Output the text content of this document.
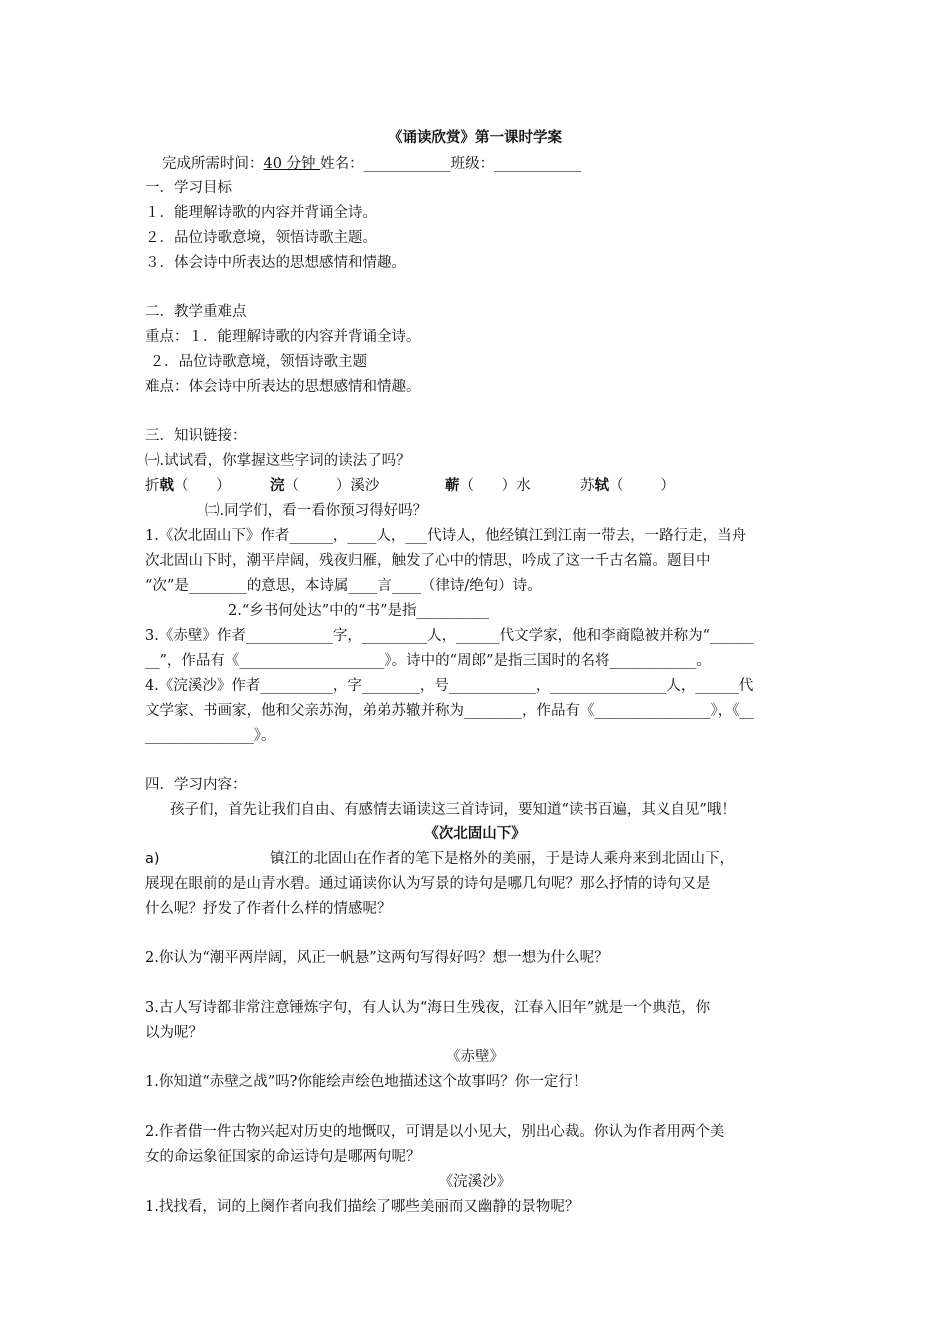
《诵读欣赏》第一课时学案
完成所需时间：40 分钟 姓名：____________班级：____________
一．学习目标
１．能理解诗歌的内容并背诵全诗。
２．品位诗歌意境，领悟诗歌主题。
３．体会诗中所表达的思想感情和情趣。
二．教学重难点
重点：１．能理解诗歌的内容并背诵全诗。
２．品位诗歌意境，领悟诗歌主题
难点：体会诗中所表达的思想感情和情趣。
三．知识链接：
㈠.试试看，你掌握这些字词的读法了吗？
折戟（      ）	浣（        ）溪沙	蕲（      ）水	苏轼（        ）
㈡.同学们，看一看你预习得好吗？
1.《次北固山下》作者______，____人，___代诗人，他经镇江到江南一带去，一路行走，当舟
次北固山下时，潮平岸阔，残夜归雁，触发了心中的情思，吟成了这一千古名篇。题目中
“次”是________的意思，本诗属____言____（律诗/绝句）诗。
2.“乡书何处达”中的“书”是指__________
3.《赤壁》作者____________字，_________人，______代文学家，他和李商隐被并称为“______
__”，作品有《____________________》。诗中的“周郎”是指三国时的名将____________。
4.《浣溪沙》作者__________，字________，号____________，________________人，______代
文学家、书画家，他和父亲苏洵，弟弟苏辙并称为________，作品有《________________》，《__
_______________》。
四．学习内容：
孩子们，首先让我们自由、有感情去诵读这三首诗词，要知道“读书百遍，其义自见”哦！
《次北固山下》
a)	镇江的北固山在作者的笔下是格外的美丽，于是诗人乘舟来到北固山下，
展现在眼前的是山青水碧。通过诵读你认为写景的诗句是哪几句呢？那么抒情的诗句又是
什么呢？抒发了作者什么样的情感呢？
2.你认为“潮平两岸阔，风正一帆悬”这两句写得好吗？想一想为什么呢？
3.古人写诗都非常注意锤炼字句，有人认为“海日生残夜，江春入旧年”就是一个典范，你
以为呢？
《赤壁》
1.你知道“赤壁之战”吗?你能绘声绘色地描述这个故事吗？你一定行！
2.作者借一件古物兴起对历史的地慨叹，可谓是以小见大，别出心裁。你认为作者用两个美
女的命运象征国家的命运诗句是哪两句呢？
《浣溪沙》
1.找找看，词的上阕作者向我们描绘了哪些美丽而又幽静的景物呢？
